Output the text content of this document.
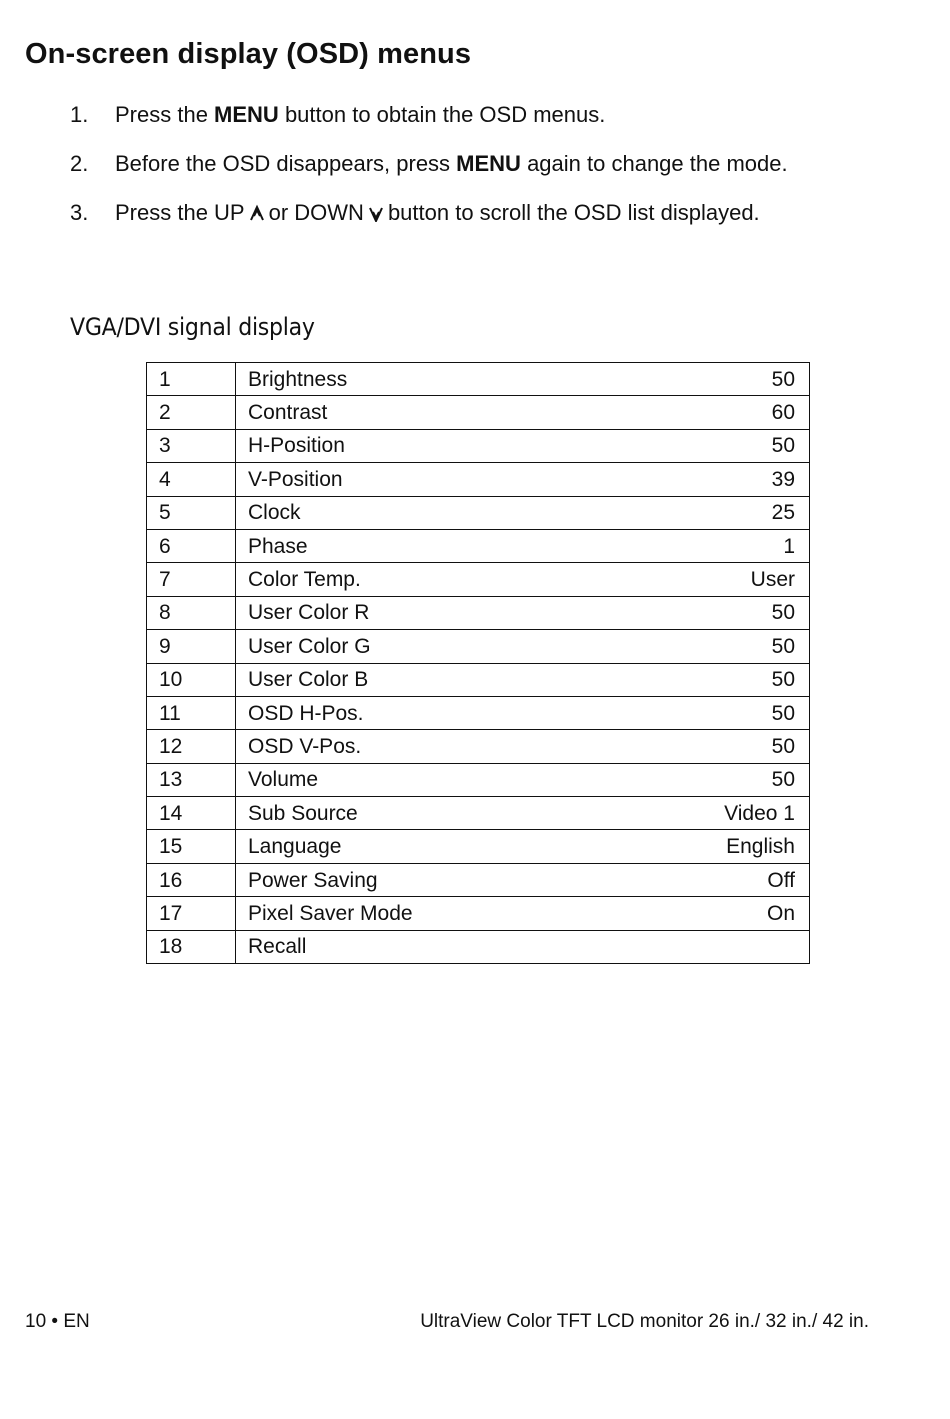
On-screen display (OSD) menus
1.	Press the MENU button to obtain the OSD menus.
2.	Before the OSD disappears, press MENU again to change the mode.
3.	Press the UP or DOWN button to scroll the OSD list displayed.
VGA/DVI signal display
1	Brightness	50
2	Contrast	60
3	H-Position	50
4	V-Position	39
5	Clock	25
6	Phase	1
7	Color Temp.	User
8	User Color R	50
9	User Color G	50
10	User Color B	50
11	OSD H-Pos.	50
12	OSD V-Pos.	50
13	Volume	50
14	Sub Source	Video 1
15	Language	English
16	Power Saving	Off
17	Pixel Saver Mode	On
18	Recall	
10 • EN	UltraView Color TFT LCD monitor 26 in./ 32 in./ 42 in.
